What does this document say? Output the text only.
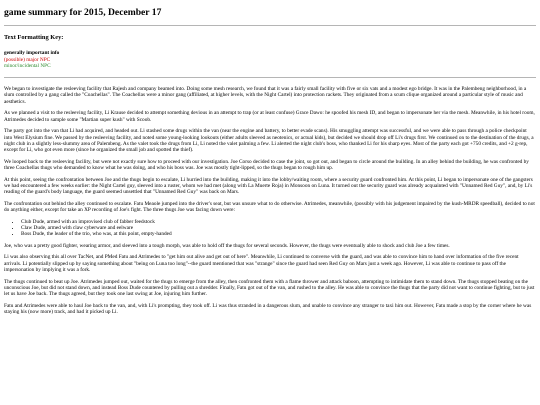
game summary for 2015, December 17
Text Formatting Key:
generally important info
(possible) major NPC
minor/incidental NPC

We began to investigate the resleeving facility that Rajesh and company beamed into. Doing some mesh research, we found that it was a fairly small facility with five or six vats and a modest ego bridge. It was in the Palembeng neighborhood, in a slum controlled by a gang called the "Coachellas". The Coachellas were a minor gang (affiliated, at higher levels, with the Night Cartel) into protection rackets. They originated from a scum clique organized around a particular style of music and aesthetics.

As we planned a visit to the resleeving facility, Li Krause decided to attempt something devious in an attempt to trap (or at least confuse) Grace Dawo: he spoofed his mesh ID, and began to impersonate her via the mesh. Meanwhile, in his hotel room, Atrimedes decided to sample some "Martian super kush" with Scoob.

The party got into the van that Li had acquired, and headed out. Li stashed some drugs within the van (near the engine and battery, to better evade scans). His smuggling attempt was successful, and we were able to pass through a police checkpoint into West Elysium fine. We passed by the resleeving facility, and noted some young-looking lookouts (either adults sleeved as neotenics, or actual kids), but decided we should drop off Li's drugs first. We continued on to the destination of the drugs, a night club in a slightly less-slummy area of Palembeng. As the valet took the drugs from Li, Li noted the valet palming a few. Li alerted the night club's boss, who thanked Li for his sharp eyes. Most of the party each got +750 credits, and +2 g-rep, except for Li, who got even more (since he organized the small job and spotted the thief).

We looped back to the resleeving facility, but were not exactly sure how to proceed with our investigation. Joe Corso decided to case the joint, so got out, and began to circle around the building. In an alley behind the building, he was confronted by three Coachellas thugs who demanded to know what he was doing, and who his boss was. Joe was mostly tight-lipped, so the thugs began to rough him up.

At this point, seeing the confrontation between Joe and the thugs begin to escalate, Li hurried into the building, making it into the lobby/waiting room, where a security guard confronted him. At this point, Li began to impersonate one of the gangsters we had encountered a few weeks earlier: the Night Cartel guy, sleeved into a ruster, whom we had met (along with La Muerte Roja) in Monsoon on Luna. It turned out the security guard was already acquainted with "Unnamed Red Guy", and, by Li's reading of the guard's body language, the guard seemed unsettled that "Unnamed Red Guy" was back on Mars.

The confrontation out behind the alley continued to escalate. Fatu Meaole jumped into the driver's seat, but was unsure what to do otherwise. Atrimedes, meanwhile, (possibly with his judgement impaired by the kush-MRDR speedball), decided to not do anything either, except for take an XP recording of Joe's fight. The three thugs Joe was facing down were:

• Club Dude, armed with an improvised club of fabber feedstock
• Claw Dude, armed with claw cyberware and eelware
• Boss Dude, the leader of the trio, who was, at this point, empty-handed

Joe, who was a pretty good fighter, wearing armor, and sleeved into a tough morph, was able to hold off the thugs for several seconds. However, the thugs were eventually able to shock and club Joe a few times.

Li was also observing this all over TacNet, and PMed Fatu and Atrimedes to "get him out alive and get out of here". Meanwhile, Li continued to converse with the guard, and was able to convince him to hand over information of the five recent arrivals. Li potentially slipped up by saying something about "being on Luna too long"--the guard mentioned that was "strange" since the guard had seen Red Guy on Mars just a week ago. However, Li was able to continue to pass off the impersonation by implying it was a fork.

The thugs continued to beat up Joe. Atrimedes jumped out, waited for the thugs to emerge from the alley, then confronted them with a flame thrower and attack baboon, attempting to intimidate them to stand down. The thugs stopped beating on the unconscious Joe, but did not stand down, and instead Boss Dude countered by pulling out a shredder. Finally, Fatu got out of the van, and rushed to the alley. He was able to convince the thugs that the party did not want to continue fighting, but to just let us have Joe back. The thugs agreed, but they took one last swing at Joe, injuring him further.

Fatu and Atrimedes were able to haul Joe back to the van, and, with Li's prompting, they took off. Li was thus stranded in a dangerous slum, and unable to convince any stranger to taxi him out. However, Fatu made a stop by the corner where he was staying his (now more) track, and had it picked up Li.
